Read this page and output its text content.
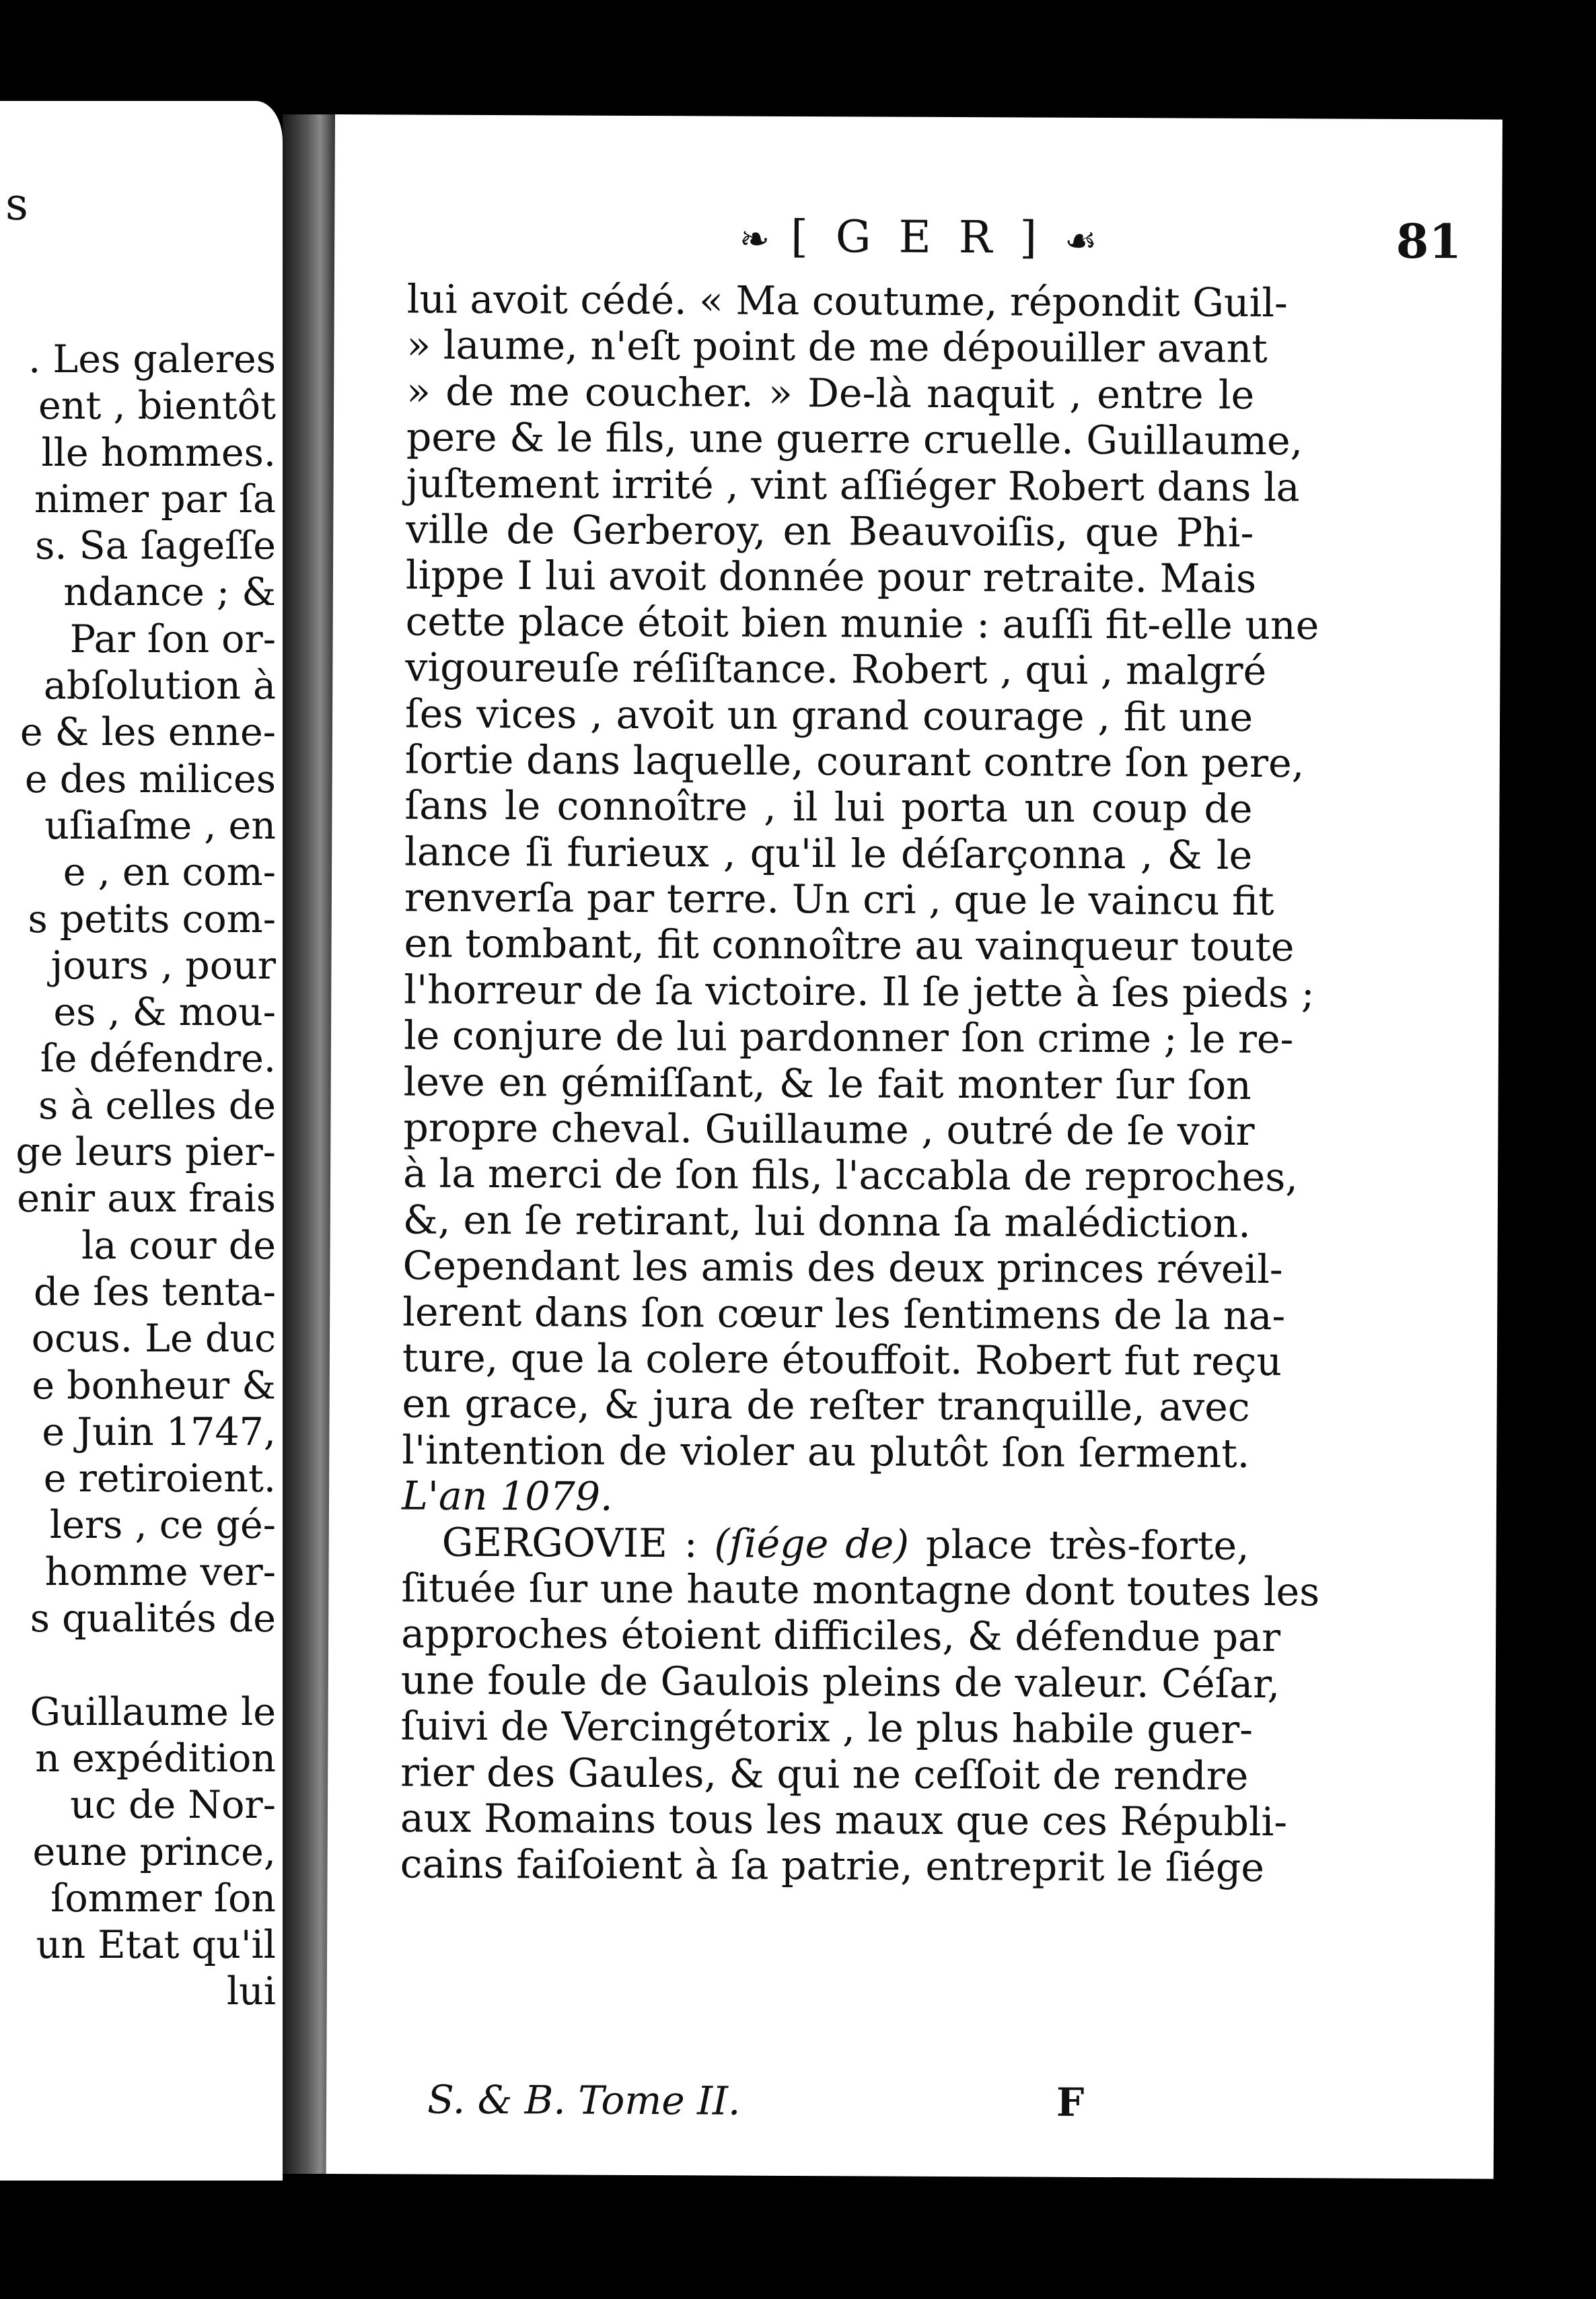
s
. Les galeres
ent , bientôt
lle hommes.
nimer par ſa
s. Sa ſageſſe
ndance ; &
Par ſon or-
abſolution à
e & les enne-
e des milices
uſiaſme , en
e , en com-
s petits com-
jours , pour
es , & mou-
ſe défendre.
s à celles de
ge leurs pier-
enir aux frais
la cour de
de ſes tenta-
ocus. Le duc
e bonheur &
e Juin 1747,
e retiroient.
lers , ce gé-
homme ver-
s qualités de
Guillaume le
n expédition
uc de Nor-
eune prince,
ſommer ſon
un Etat qu'il
lui
❧ [ G E R ] ☙	81
lui avoit cédé. « Ma coutume, répondit Guil-
» laume, n'eſt point de me dépouiller avant
» de me coucher. » De-là naquit , entre le
pere & le fils, une guerre cruelle. Guillaume,
juſtement irrité , vint aſſiéger Robert dans la
ville de Gerberoy, en Beauvoiſis, que Phi-
lippe I lui avoit donnée pour retraite. Mais
cette place étoit bien munie : auſſi fit-elle une
vigoureuſe réſiſtance. Robert , qui , malgré
ſes vices , avoit un grand courage , fit une
ſortie dans laquelle, courant contre ſon pere,
ſans le connoître , il lui porta un coup de
lance ſi furieux , qu'il le déſarçonna , & le
renverſa par terre. Un cri , que le vaincu fit
en tombant, fit connoître au vainqueur toute
l'horreur de ſa victoire. Il ſe jette à ſes pieds ;
le conjure de lui pardonner ſon crime ; le re-
leve en gémiſſant, & le fait monter ſur ſon
propre cheval. Guillaume , outré de ſe voir
à la merci de ſon fils, l'accabla de reproches,
&, en ſe retirant, lui donna ſa malédiction.
Cependant les amis des deux princes réveil-
lerent dans ſon cœur les ſentimens de la na-
ture, que la colere étouffoit. Robert fut reçu
en grace, & jura de reſter tranquille, avec
l'intention de violer au plutôt ſon ſerment.
L'an 1079.
GERGOVIE : (ſiége de) place très-forte,
ſituée ſur une haute montagne dont toutes les
approches étoient difficiles, & défendue par
une foule de Gaulois pleins de valeur. Céſar,
ſuivi de Vercingétorix , le plus habile guer-
rier des Gaules, & qui ne ceſſoit de rendre
aux Romains tous les maux que ces Républi-
cains faiſoient à ſa patrie, entreprit le ſiége
S. & B. Tome II.	F
